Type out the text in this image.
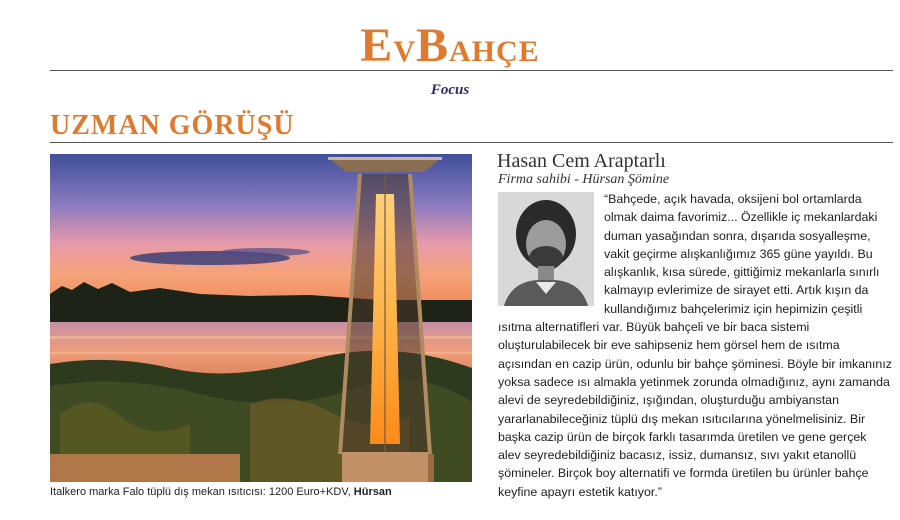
EVBAHÇE
Focus
UZMAN GÖRÜŞÜ
Italkero marka Falo tüplü dış mekan ısıtıcısı: 1200 Euro+KDV, Hürsan
Hasan Cem Araptarlı
Firma sahibi - Hürsan Şömine

“Bahçede, açık havada, oksijeni bol ortamlarda olmak daima favorimiz... Özellikle iç mekanlardaki duman yasağından sonra, dışarıda sosyalleşme, vakit geçirme alışkanlığımız 365 güne yayıldı. Bu alışkanlık, kısa sürede, gittiğimiz mekanlarla sınırlı kalmayıp evlerimize de sirayet etti. Artık kışın da kullandığımız bahçelerimiz için hepimizin çeşitli ısıtma alternatifleri var. Büyük bahçeli ve bir baca sistemi oluşturulabilecek bir eve sahipseniz hem görsel hem de ısıtma açısından en cazip ürün, odunlu bir bahçe şöminesi. Böyle bir imkanınız yoksa sadece ısı almakla yetinmek zorunda olmadığınız, aynı zamanda alevi de seyredebildiğiniz, ışığından, oluşturduğu ambiyanstan yararlanabileceğiniz tüplü dış mekan ısıtıcılarına yönelmelisiniz. Bir başka cazip ürün de birçok farklı tasarımda üretilen ve gene gerçek alev seyredebildiğiniz bacasız, issiz, dumansız, sıvı yakıt etanollü şömineler. Birçok boy alternatifi ve formda üretilen bu ürünler bahçe keyfine apayrı estetik katıyor.”
